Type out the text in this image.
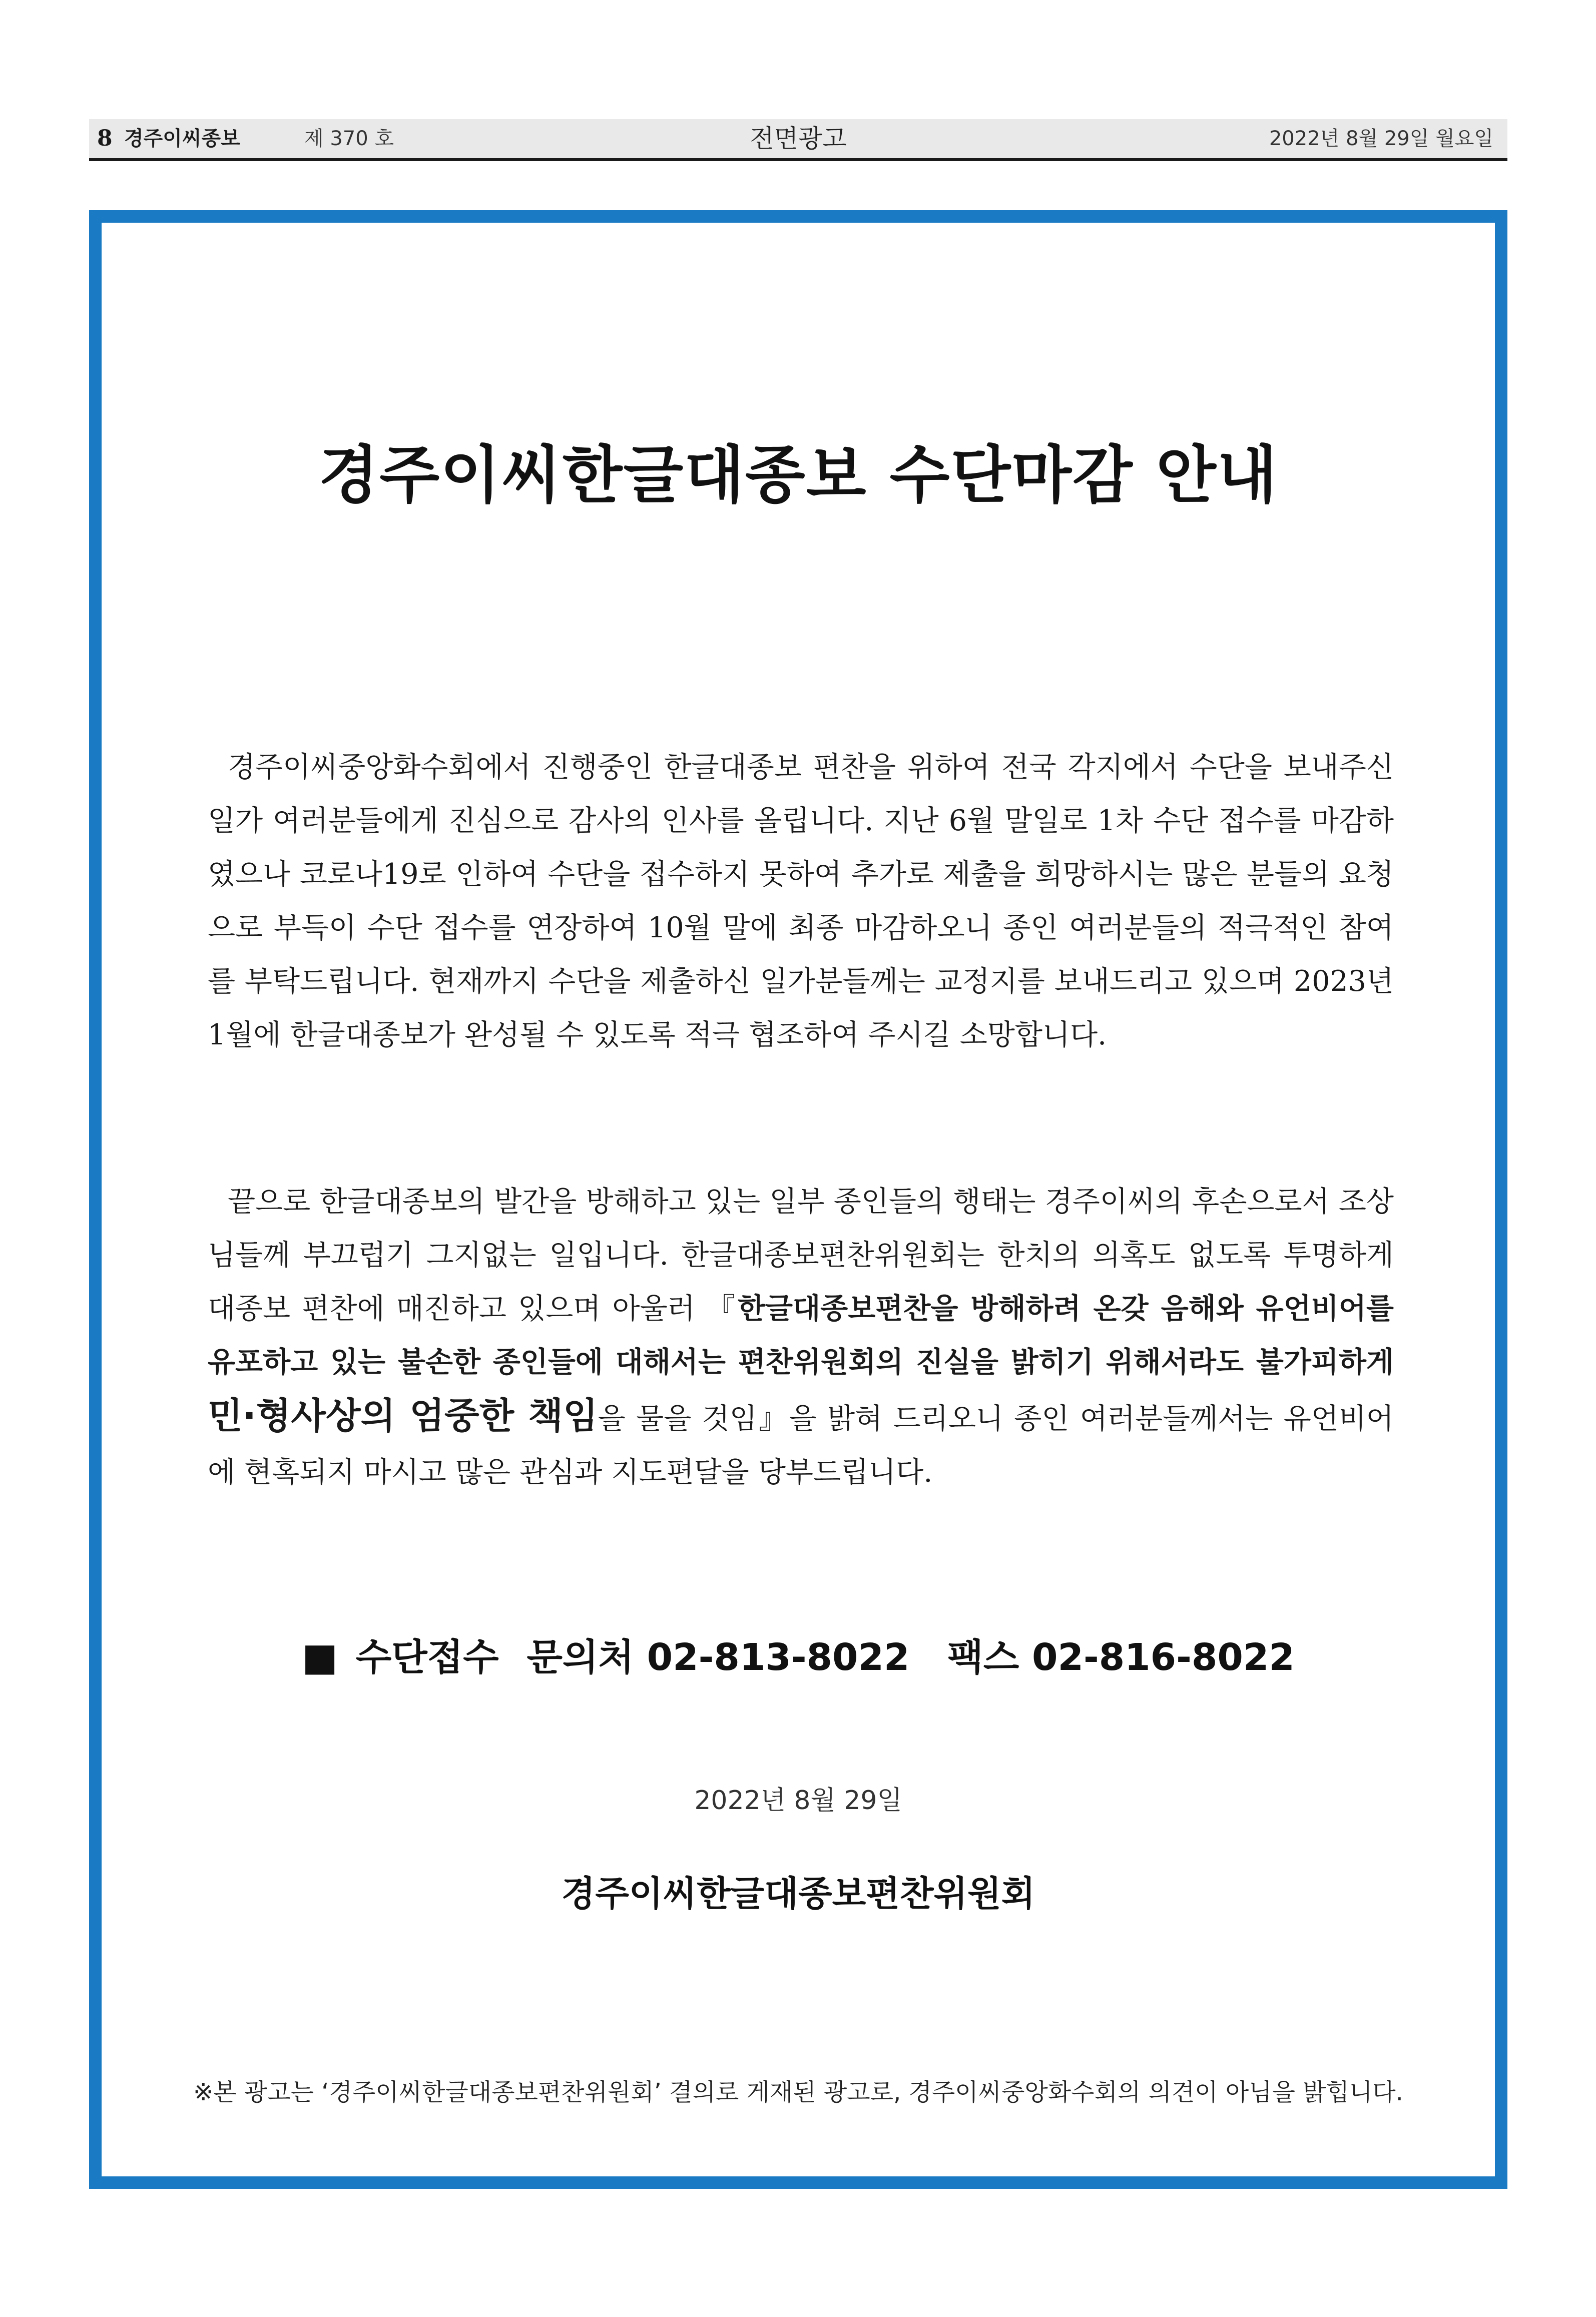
8 경주이씨종보	제 370 호	전면광고	2022년 8월 29일 월요일
경주이씨한글대종보 수단마감 안내
경주이씨중앙화수회에서 진행중인 한글대종보 편찬을 위하여 전국 각지에서 수단을 보내주신 일가 여러분들에게 진심으로 감사의 인사를 올립니다. 지난 6월 말일로 1차 수단 접수를 마감하였으나 코로나19로 인하여 수단을 접수하지 못하여 추가로 제출을 희망하시는 많은 분들의 요청으로 부득이 수단 접수를 연장하여 10월 말에 최종 마감하오니 종인 여러분들의 적극적인 참여를 부탁드립니다. 현재까지 수단을 제출하신 일가분들께는 교정지를 보내드리고 있으며 2023년 1월에 한글대종보가 완성될 수 있도록 적극 협조하여 주시길 소망합니다.
끝으로 한글대종보의 발간을 방해하고 있는 일부 종인들의 행태는 경주이씨의 후손으로서 조상님들께 부끄럽기 그지없는 일입니다. 한글대종보편찬위원회는 한치의 의혹도 없도록 투명하게 대종보 편찬에 매진하고 있으며 아울러 『한글대종보편찬을 방해하려 온갖 음해와 유언비어를 유포하고 있는 불손한 종인들에 대해서는 편찬위원회의 진실을 밝히기 위해서라도 불가피하게 민·형사상의 엄중한 책임을 물을 것임』을 밝혀 드리오니 종인 여러분들께서는 유언비어에 현혹되지 마시고 많은 관심과 지도편달을 당부드립니다.
■ 수단접수 문의처 02-813-8022 팩스 02-816-8022
2022년 8월 29일
경주이씨한글대종보편찬위원회
※본 광고는 ‘경주이씨한글대종보편찬위원회’ 결의로 게재된 광고로, 경주이씨중앙화수회의 의견이 아님을 밝힙니다.
